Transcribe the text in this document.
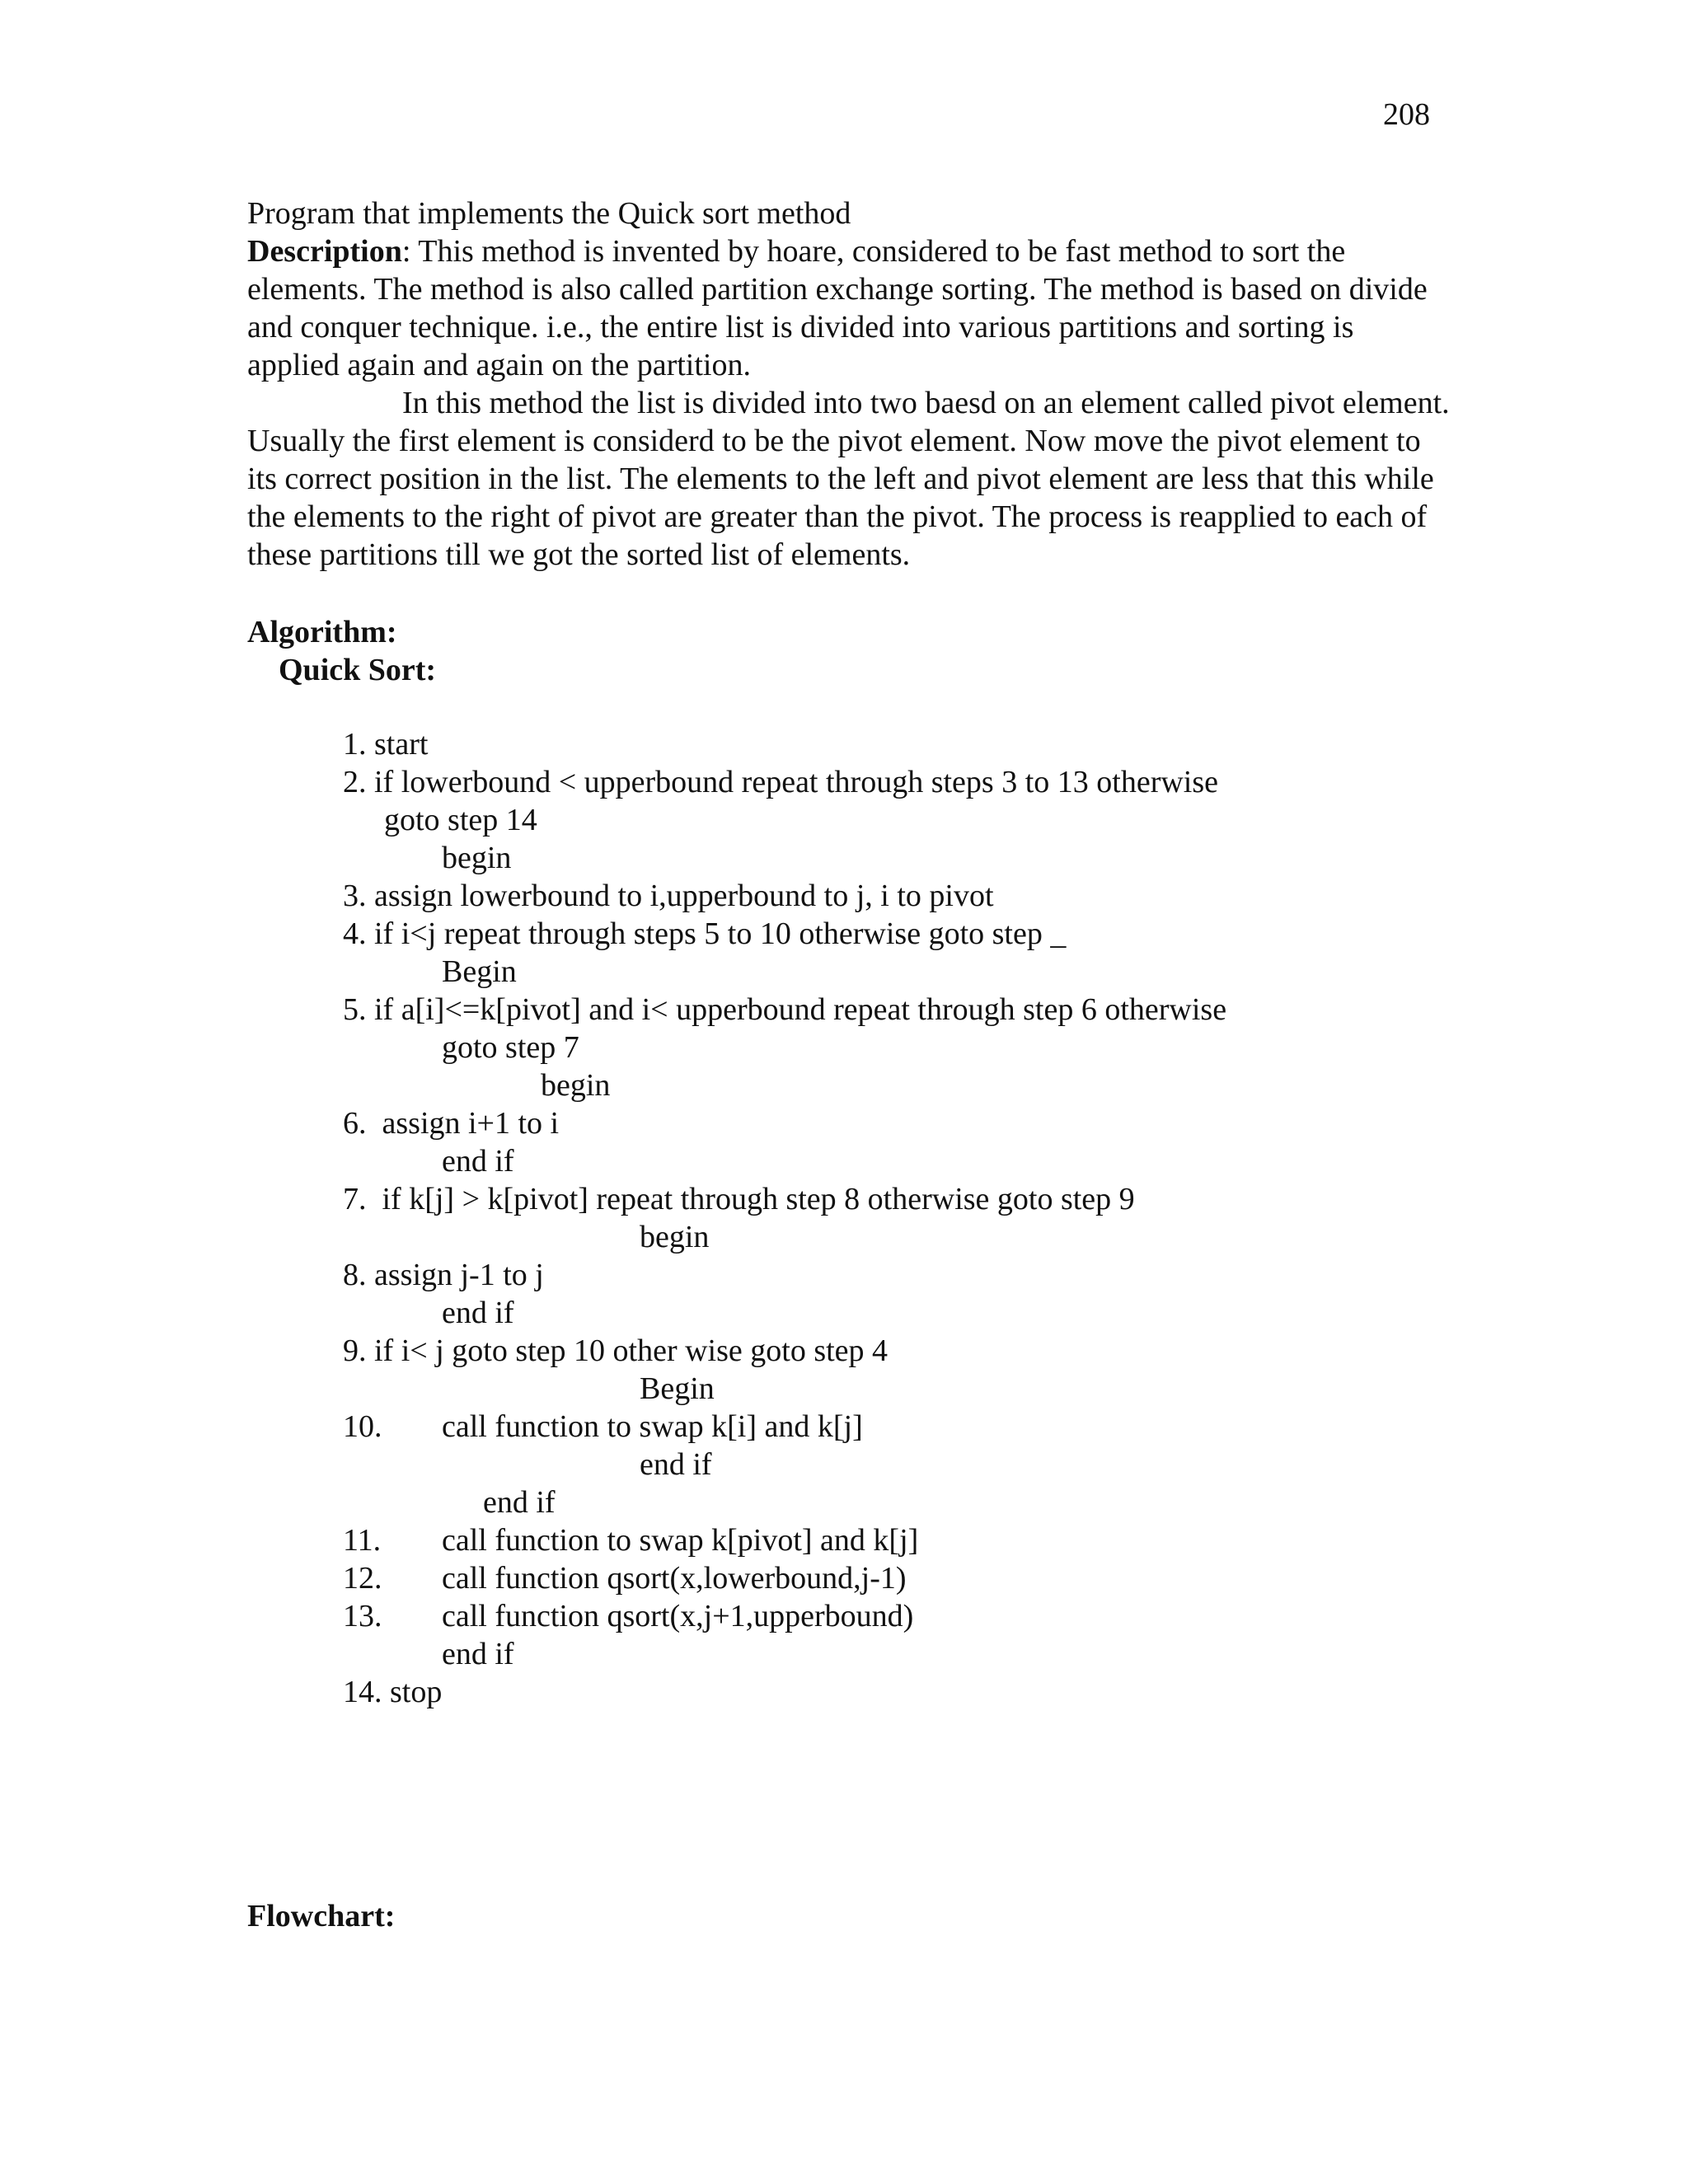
208

Program that implements the Quick sort method

Description: This method is invented by hoare, considered to be fast method to sort the elements. The method is also called partition exchange sorting. The method is based on divide and conquer technique. i.e., the entire list is divided into various partitions and sorting is applied again and again on the partition.

In this method the list is divided into two baesd on an element called pivot element. Usually the first element is considerd to be the pivot element. Now move the pivot element to its correct position in the list. The elements to the left and pivot element are less that this while the elements to the right of pivot are greater than the pivot. The process is reapplied to each of these partitions till we got the sorted list of elements.

Algorithm:
Quick Sort:
1. start
2. if lowerbound < upperbound repeat through steps 3 to 13 otherwise
goto step 14
begin
3. assign lowerbound to i,upperbound to j, i to pivot
4. if i<j repeat through steps 5 to 10 otherwise goto step _
Begin
5. if a[i]<=k[pivot] and i< upperbound repeat through step 6 otherwise
goto step 7
begin
6.  assign i+1 to i
end if
7.  if k[j] > k[pivot] repeat through step 8 otherwise goto step 9
begin
8. assign j-1 to j
end if
9. if i< j goto step 10 other wise goto step 4
Begin
10. call function to swap k[i] and k[j]
end if
end if
11. call function to swap k[pivot] and k[j]
12. call function qsort(x,lowerbound,j-1)
13. call function qsort(x,j+1,upperbound)
end if
14. stop
Flowchart:
